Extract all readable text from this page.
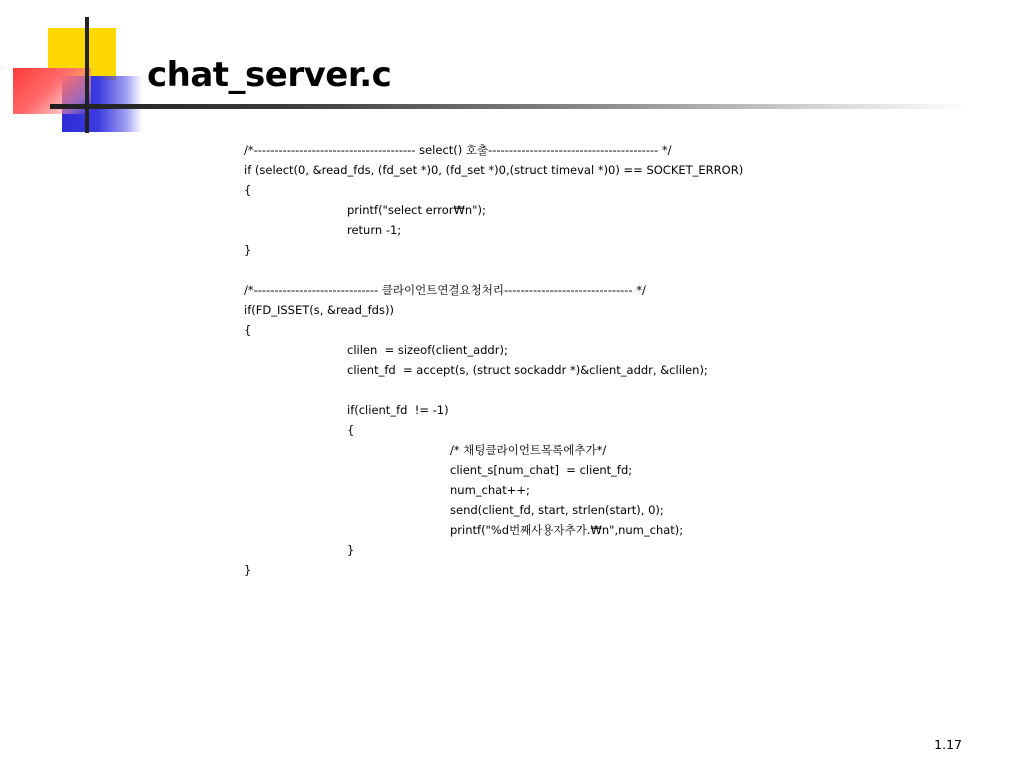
chat_server.c
/*--------------------------------------- select() 호출----------------------------------------- */
if (select(0, &read_fds, (fd_set *)0, (fd_set *)0,(struct timeval *)0) == SOCKET_ERROR)
{
printf("select error₩n");
return -1;
}
/*------------------------------ 클라이언트연결요청처리------------------------------- */
if(FD_ISSET(s, &read_fds))
{
clilen  = sizeof(client_addr);
client_fd  = accept(s, (struct sockaddr *)&client_addr, &clilen);
if(client_fd  != -1)
{
/* 채팅클라이언트목록에추가*/
client_s[num_chat]  = client_fd;
num_chat++;
send(client_fd, start, strlen(start), 0);
printf("%d번째사용자추가.₩n",num_chat);
}
}
1.17
